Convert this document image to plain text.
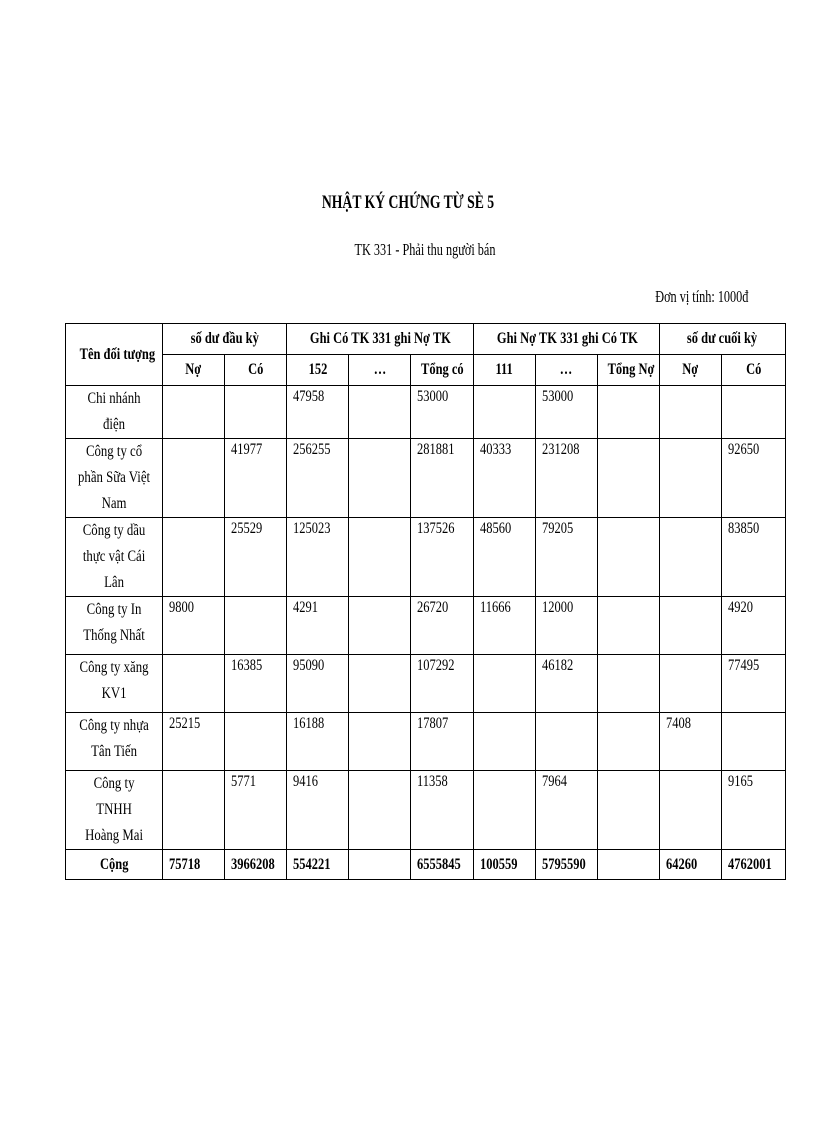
NHẬT KÝ CHỨNG TỪ SÈ 5
TK 331 - Phải thu người bán
Đơn vị tính: 1000đ
Tên đối tượng	số dư đầu kỳ		Ghi Có TK 331 ghi Nợ TK			Ghi Nợ TK 331 ghi Có TK			số dư cuối kỳ	
	Nợ	Có	152	…	Tổng có	111	…	Tổng Nợ	Nợ	Có
Chi nhánh điện			47958		53000		53000			
Công ty cổ phần Sữa Việt Nam		41977	256255		281881	40333	231208			92650
Công ty dầu thực vật Cái Lân		25529	125023		137526	48560	79205			83850
Công ty In Thống Nhất	9800		4291		26720	11666	12000			4920
Công ty xăng KV1		16385	95090		107292		46182			77495
Công ty nhựa Tân Tiến	25215		16188		17807				7408	
Công ty TNHH Hoàng Mai		5771	9416		11358		7964			9165
Cộng	75718	3966208	554221		6555845	100559	5795590		64260	4762001
